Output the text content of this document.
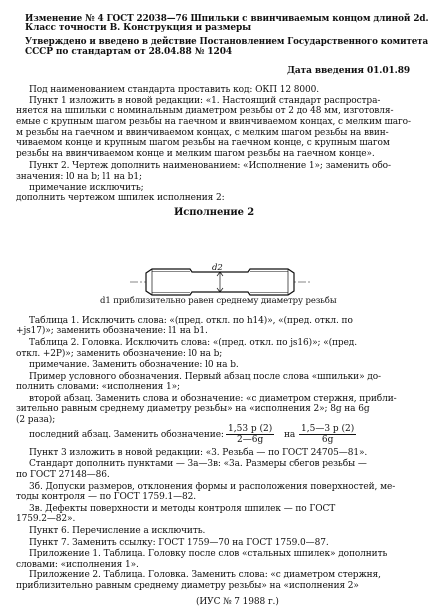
Изменение № 4 ГОСТ 22038—76 Шпильки с ввинчиваемым концом длиной 2d.
Класс точности В. Конструкция и размеры
Утверждено и введено в действие Постановлением Государственного комитета
СССР по стандартам от 28.04.88 № 1204
Дата введения 01.01.89
Под наименованием стандарта проставить код: ОКП 12 8000.
Пункт 1 изложить в новой редакции: «1. Настоящий стандарт распростра-
няется на шпильки с номинальным диаметром резьбы от 2 до 48 мм, изготовля-
емые с крупным шагом резьбы на гаечном и ввинчиваемом концах, с мелким шаго-
м резьбы на гаечном и ввинчиваемом концах, с мелким шагом резьбы на ввин-
чиваемом конце и крупным шагом резьбы на гаечном конце, с крупным шагом
резьбы на ввинчиваемом конце и мелким шагом резьбы на гаечном конце».
Пункт 2. Чертеж дополнить наименованием: «Исполнение 1»; заменить обо-
значения: l0 на b; l1 на b1;
примечание исключить;
дополнить чертежом шпилек исполнения 2:
Исполнение 2
d2
d1 приблизительно равен среднему диаметру резьбы
Таблица 1. Исключить слова: «(пред. откл. по h14)», «(пред. откл. по
+js17)»; заменить обозначение: l1 на b1.
Таблица 2. Головка. Исключить слова: «(пред. откл. по js16)»; «(пред.
откл. +2Р)»; заменить обозначение: l0 на b;
примечание. Заменить обозначение: l0 на b.
Пример условного обозначения. Первый абзац после слова «шпильки» до-
полнить словами: «исполнения 1»;
второй абзац. Заменить слова и обозначение: «с диаметром стержня, прибли-
зительно равным среднему диаметру резьбы» на «исполнения 2»; 8g на 6g
(2 раза);
последний абзац. Заменить обозначение: $\frac{1,53 p (2)}{2—6g}$ на $\frac{1,5—3 p (2)}{6g}$
Пункт 3 изложить в новой редакции: «3. Резьба — по ГОСТ 24705—81».
Стандарт дополнить пунктами — 3а—3в: «3а. Размеры сбегов резьбы —
по ГОСТ 27148—86.
3б. Допуски размеров, отклонения формы и расположения поверхностей, ме-
тоды контроля — по ГОСТ 1759.1—82.
3в. Дефекты поверхности и методы контроля шпилек — по ГОСТ
1759.2—82».
Пункт 6. Перечисление а исключить.
Пункт 7. Заменить ссылку: ГОСТ 1759—70 на ГОСТ 1759.0—87.
Приложение 1. Таблица. Головку после слов «стальных шпилек» дополнить
словами: «исполнения 1».
Приложение 2. Таблица. Головка. Заменить слова: «с диаметром стержня,
приблизительно равным среднему диаметру резьбы» на «исполнения 2»
(ИУС № 7 1988 г.)
